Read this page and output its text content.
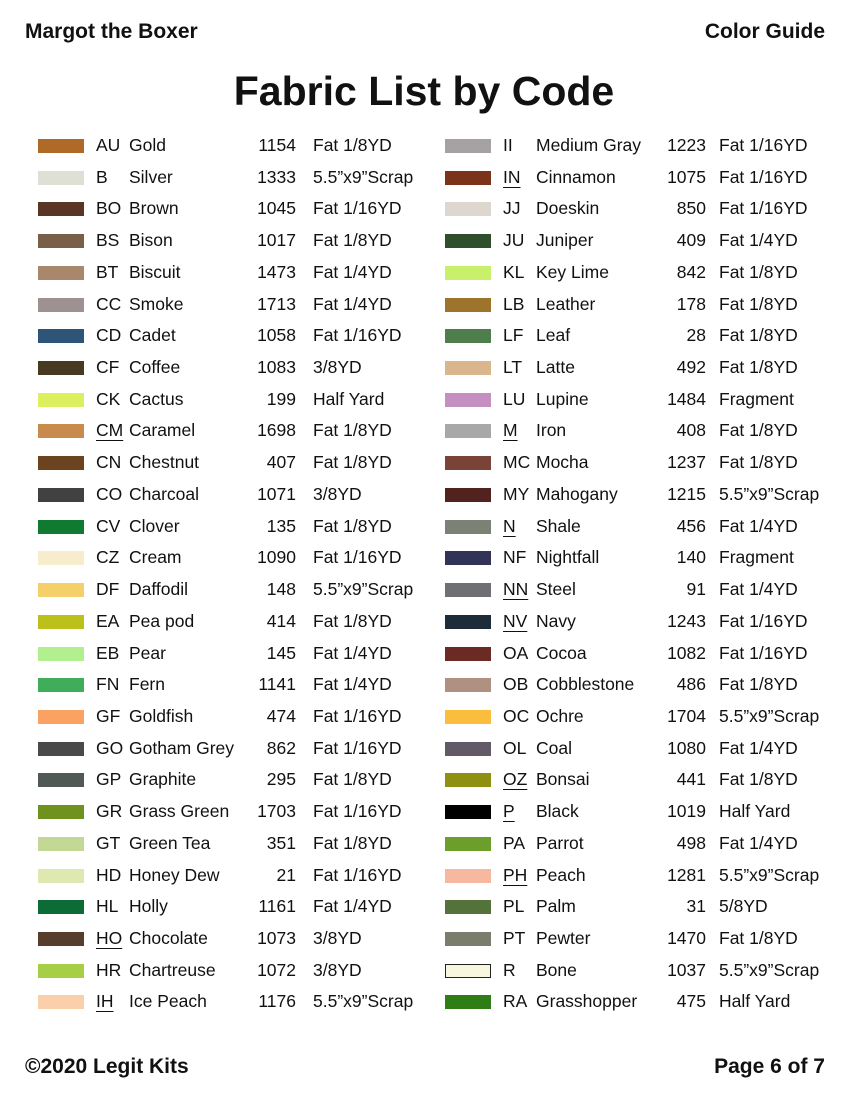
Margot the Boxer	Color Guide
Fabric List by Code
AU Gold	1154 Fat 1/8YD
B Silver	1333 5.5”x9”Scrap
BO Brown	1045 Fat 1/16YD
BS Bison	1017 Fat 1/8YD
BT Biscuit	1473 Fat 1/4YD
CC Smoke	1713 Fat 1/4YD
CD Cadet	1058 Fat 1/16YD
CF Coffee	1083 3/8YD
CK Cactus	199 Half Yard
CM Caramel	1698 Fat 1/8YD
CN Chestnut	407 Fat 1/8YD
CO Charcoal	1071 3/8YD
CV Clover	135 Fat 1/8YD
CZ Cream	1090 Fat 1/16YD
DF Daffodil	148 5.5”x9”Scrap
EA Pea pod	414 Fat 1/8YD
EB Pear	145 Fat 1/4YD
FN Fern	1141 Fat 1/4YD
GF Goldfish	474 Fat 1/16YD
GO Gotham Grey	862 Fat 1/16YD
GP Graphite	295 Fat 1/8YD
GR Grass Green	1703 Fat 1/16YD
GT Green Tea	351 Fat 1/8YD
HD Honey Dew	21 Fat 1/16YD
HL Holly	1161 Fat 1/4YD
HO Chocolate	1073 3/8YD
HR Chartreuse	1072 3/8YD
IH Ice Peach	1176 5.5”x9”Scrap
II Medium Gray	1223 Fat 1/16YD
IN Cinnamon	1075 Fat 1/16YD
JJ Doeskin	850 Fat 1/16YD
JU Juniper	409 Fat 1/4YD
KL Key Lime	842 Fat 1/8YD
LB Leather	178 Fat 1/8YD
LF Leaf	28 Fat 1/8YD
LT Latte	492 Fat 1/8YD
LU Lupine	1484 Fragment
M Iron	408 Fat 1/8YD
MC Mocha	1237 Fat 1/8YD
MY Mahogany	1215 5.5”x9”Scrap
N Shale	456 Fat 1/4YD
NF Nightfall	140 Fragment
NN Steel	91 Fat 1/4YD
NV Navy	1243 Fat 1/16YD
OA Cocoa	1082 Fat 1/16YD
OB Cobblestone	486 Fat 1/8YD
OC Ochre	1704 5.5”x9”Scrap
OL Coal	1080 Fat 1/4YD
OZ Bonsai	441 Fat 1/8YD
P Black	1019 Half Yard
PA Parrot	498 Fat 1/4YD
PH Peach	1281 5.5”x9”Scrap
PL Palm	31 5/8YD
PT Pewter	1470 Fat 1/8YD
R Bone	1037 5.5”x9”Scrap
RA Grasshopper	475 Half Yard
©2020 Legit Kits	Page 6 of 7
